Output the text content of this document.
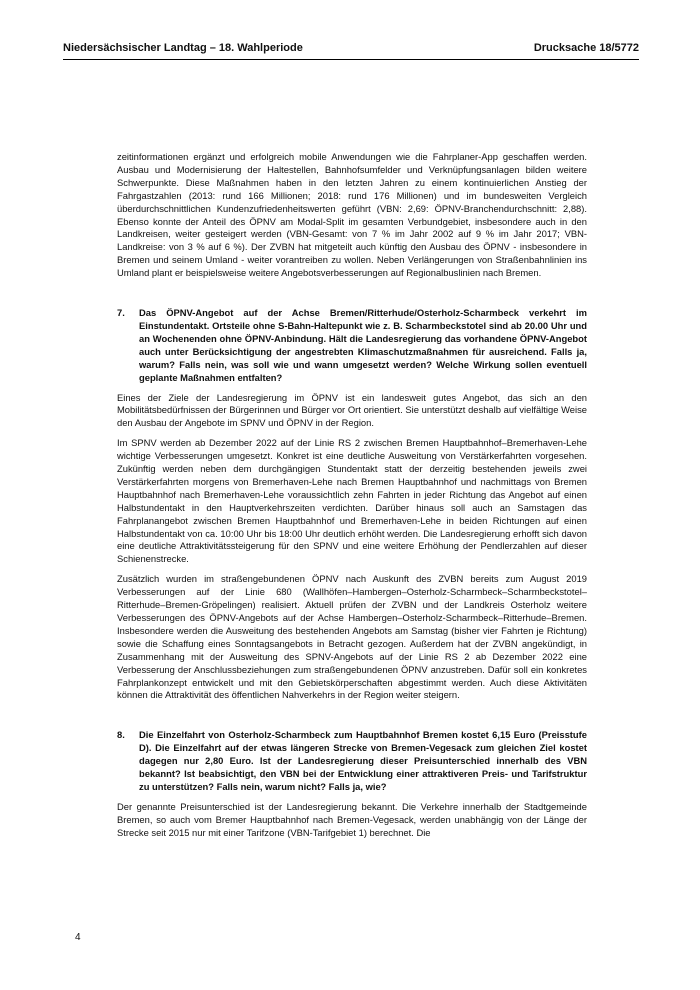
Niedersächsischer Landtag – 18. Wahlperiode	Drucksache 18/5772

zeitinformationen ergänzt und erfolgreich mobile Anwendungen wie die Fahrplaner-App geschaffen werden. Ausbau und Modernisierung der Haltestellen, Bahnhofsumfelder und Verknüpfungsanlagen bilden weitere Schwerpunkte. Diese Maßnahmen haben in den letzten Jahren zu einem kontinuierlichen Anstieg der Fahrgastzahlen (2013: rund 166 Millionen; 2018: rund 176 Millionen) und im bundesweiten Vergleich überdurchschnittlichen Kundenzufriedenheitswerten geführt (VBN: 2,69: ÖPNV-Branchendurchschnitt: 2,88). Ebenso konnte der Anteil des ÖPNV am Modal-Split im gesamten Verbundgebiet, insbesondere auch in den Landkreisen, weiter gesteigert werden (VBN-Gesamt: von 7 % im Jahr 2002 auf 9 % im Jahr 2017; VBN-Landkreise: von 3 % auf 6 %). Der ZVBN hat mitgeteilt auch künftig den Ausbau des ÖPNV - insbesondere in Bremen und seinem Umland - weiter vorantreiben zu wollen. Neben Verlängerungen von Straßenbahnlinien ins Umland plant er beispielsweise weitere Angebotsverbesserungen auf Regionalbuslinien nach Bremen.

7.	Das ÖPNV-Angebot auf der Achse Bremen/Ritterhude/Osterholz-Scharmbeck verkehrt im Einstundentakt. Ortsteile ohne S-Bahn-Haltepunkt wie z. B. Scharmbeckstotel sind ab 20.00 Uhr und an Wochenenden ohne ÖPNV-Anbindung. Hält die Landesregierung das vorhandene ÖPNV-Angebot auch unter Berücksichtigung der angestrebten Klimaschutzmaßnahmen für ausreichend. Falls ja, warum? Falls nein, was soll wie und wann umgesetzt werden? Welche Wirkung sollen eventuell geplante Maßnahmen entfalten?

Eines der Ziele der Landesregierung im ÖPNV ist ein landesweit gutes Angebot, das sich an den Mobilitätsbedürfnissen der Bürgerinnen und Bürger vor Ort orientiert. Sie unterstützt deshalb auf vielfältige Weise den Ausbau der Angebote im SPNV und ÖPNV in der Region.

Im SPNV werden ab Dezember 2022 auf der Linie RS 2 zwischen Bremen Hauptbahnhof–Bremerhaven-Lehe wichtige Verbesserungen umgesetzt. Konkret ist eine deutliche Ausweitung von Verstärkerfahrten vorgesehen. Zukünftig werden neben dem durchgängigen Stundentakt statt der derzeitig bestehenden jeweils zwei Verstärkerfahrten morgens von Bremerhaven-Lehe nach Bremen Hauptbahnhof und nachmittags von Bremen Hauptbahnhof nach Bremerhaven-Lehe voraussichtlich zehn Fahrten in jeder Richtung das Angebot auf einen Halbstundentakt in den Hauptverkehrszeiten verdichten. Darüber hinaus soll auch an Samstagen das Fahrplanangebot zwischen Bremen Hauptbahnhof und Bremerhaven-Lehe in beiden Richtungen auf einen Halbstundentakt von ca. 10:00 Uhr bis 18:00 Uhr deutlich erhöht werden. Die Landesregierung erhofft sich davon eine deutliche Attraktivitätssteigerung für den SPNV und eine weitere Erhöhung der Pendlerzahlen auf dieser Schienenstrecke.

Zusätzlich wurden im straßengebundenen ÖPNV nach Auskunft des ZVBN bereits zum August 2019 Verbesserungen auf der Linie 680 (Wallhöfen–Hambergen–Osterholz-Scharmbeck–Scharmbeckstotel–Ritterhude–Bremen-Gröpelingen) realisiert. Aktuell prüfen der ZVBN und der Landkreis Osterholz weitere Verbesserungen des ÖPNV-Angebots auf der Achse Hambergen–Osterholz-Scharmbeck–Ritterhude–Bremen. Insbesondere werden die Ausweitung des bestehenden Angebots am Samstag (bisher vier Fahrten je Richtung) sowie die Schaffung eines Sonntagsangebots in Betracht gezogen. Außerdem hat der ZVBN angekündigt, in Zusammenhang mit der Ausweitung des SPNV-Angebots auf der Linie RS 2 ab Dezember 2022 eine Verbesserung der Anschlussbeziehungen zum straßengebundenen ÖPNV anzustreben. Dafür soll ein konkretes Fahrplankonzept entwickelt und mit den Gebietskörperschaften abgestimmt werden. Auch diese Aktivitäten können die Attraktivität des öffentlichen Nahverkehrs in der Region weiter steigern.

8.	Die Einzelfahrt von Osterholz-Scharmbeck zum Hauptbahnhof Bremen kostet 6,15 Euro (Preisstufe D). Die Einzelfahrt auf der etwas längeren Strecke von Bremen-Vegesack zum gleichen Ziel kostet dagegen nur 2,80 Euro. Ist der Landesregierung dieser Preisunterschied innerhalb des VBN bekannt? Ist beabsichtigt, den VBN bei der Entwicklung einer attraktiveren Preis- und Tarifstruktur zu unterstützen? Falls nein, warum nicht? Falls ja, wie?

Der genannte Preisunterschied ist der Landesregierung bekannt. Die Verkehre innerhalb der Stadtgemeinde Bremen, so auch vom Bremer Hauptbahnhof nach Bremen-Vegesack, werden unabhängig von der Länge der Strecke seit 2015 nur mit einer Tarifzone (VBN-Tarifgebiet 1) berechnet. Die

4
